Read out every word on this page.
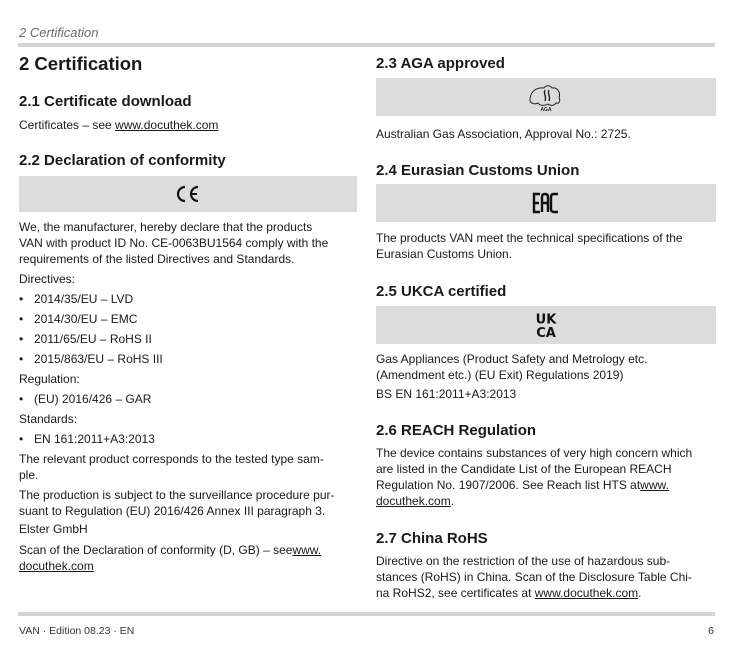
2 Certification
2 Certification
2.1 Certificate download

Certificates – see www.docuthek.com

2.2 Declaration of conformity

We, the manufacturer, hereby declare that the products

VAN with product ID No. CE-0063BU1564 comply with the

requirements of the listed Directives and Standards.

Directives:

• 2014/35/EU – LVD
• 2014/30/EU – EMC
• 2011/65/EU – RoHS II
• 2015/863/EU – RoHS III

Regulation:

• (EU) 2016/426 – GAR

Standards:

• EN 161:2011+A3:2013

The relevant product corresponds to the tested type sam-

ple.

The production is subject to the surveillance procedure pur-

suant to Regulation (EU) 2016/426 Annex III paragraph 3.

Elster GmbH

Scan of the Declaration of conformity (D, GB) – seewww.

docuthek.com

2.3 AGA approved
AGA

Australian Gas Association, Approval No.: 2725.

2.4 Eurasian Customs Union

The products VAN meet the technical specifications of the

Eurasian Customs Union.

2.5 UKCA certified
UK
CA

Gas Appliances (Product Safety and Metrology etc.

(Amendment etc.) (EU Exit) Regulations 2019)

BS EN 161:2011+A3:2013

2.6 REACH Regulation

The device contains substances of very high concern which

are listed in the Candidate List of the European REACH

Regulation No. 1907/2006. See Reach list HTS atwww.

docuthek.com.

2.7 China RoHS

Directive on the restriction of the use of hazardous sub-

stances (RoHS) in China. Scan of the Disclosure Table Chi-

na RoHS2, see certificates at www.docuthek.com.

VAN · Edition 08.23 · EN	6
